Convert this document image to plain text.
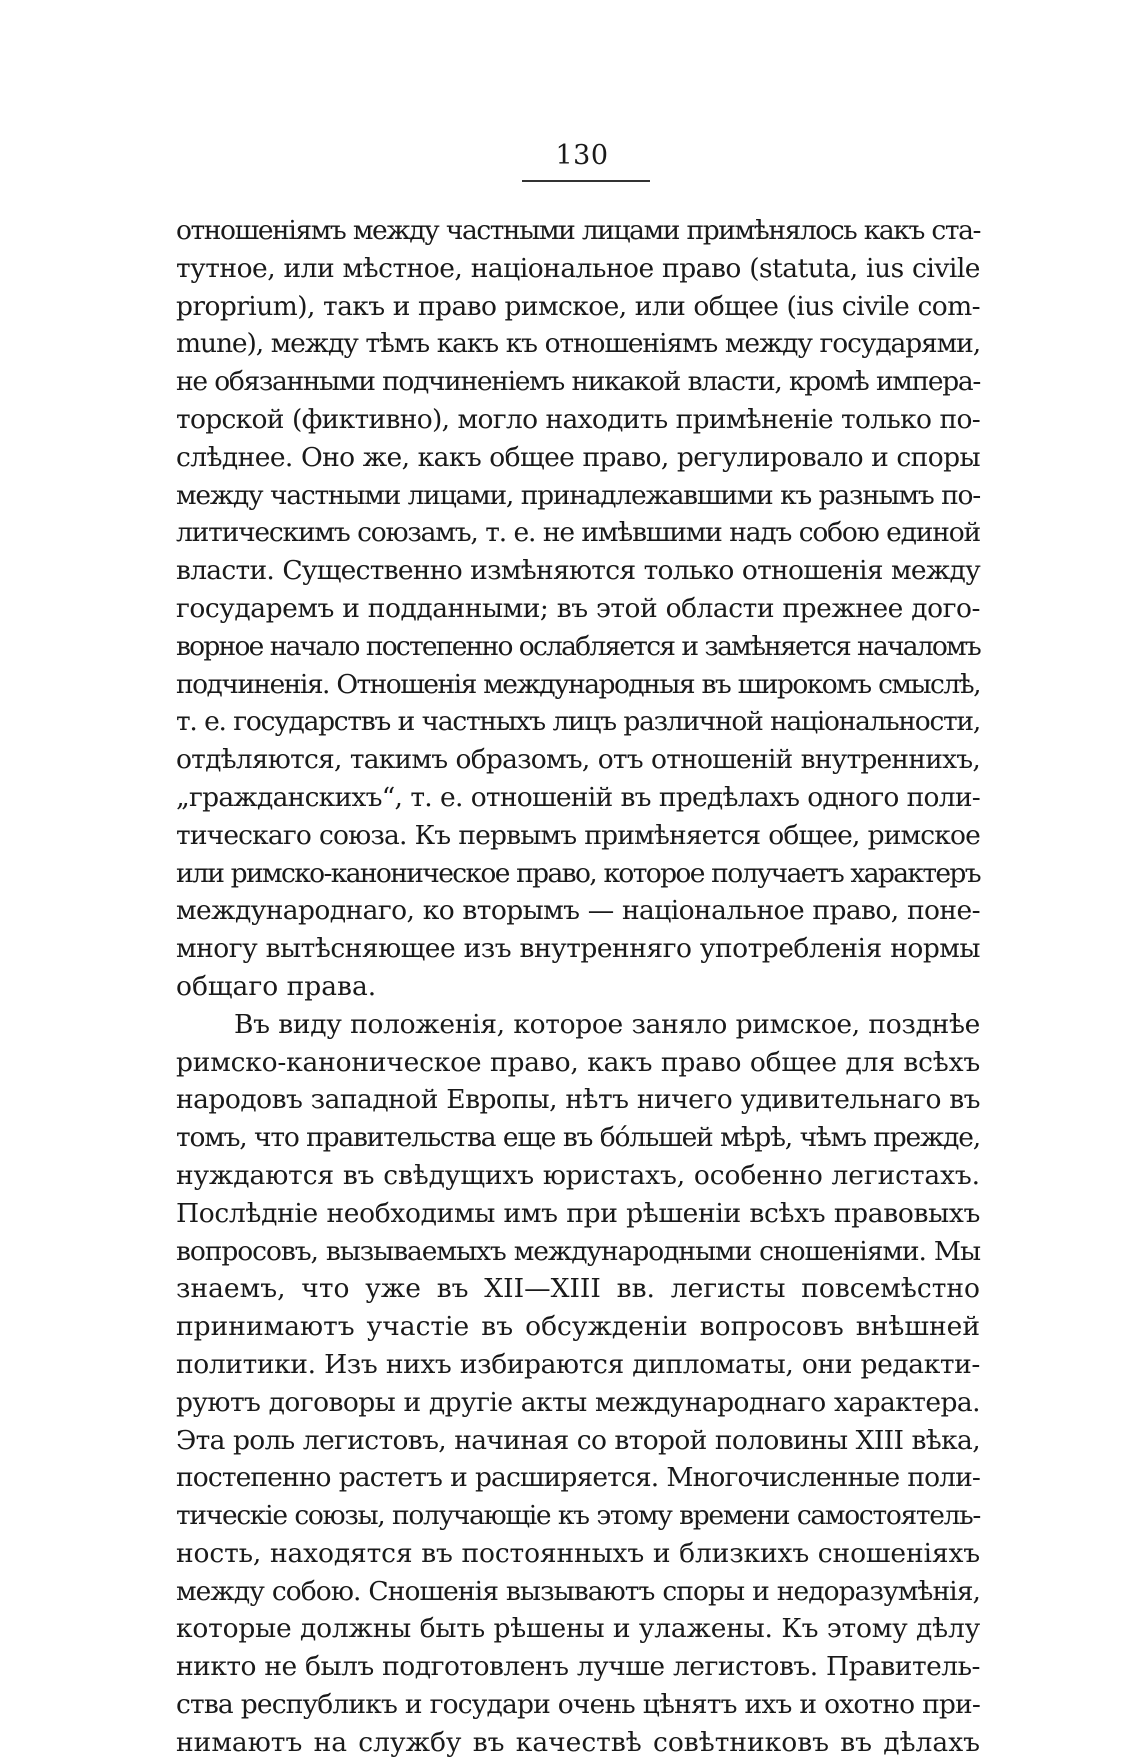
130
отношеніямъ между частными лицами примѣнялось какъ ста-
тутное, или мѣстное, національное право (statuta, ius civile
proprium), такъ и право римское, или общее (ius civile com-
mune), между тѣмъ какъ къ отношеніямъ между государями,
не обязанными подчиненіемъ никакой власти, кромѣ импера-
торской (фиктивно), могло находить примѣненіе только по-
слѣднее. Оно же, какъ общее право, регулировало и споры
между частными лицами, принадлежавшими къ разнымъ по-
литическимъ союзамъ, т. е. не имѣвшими надъ собою единой
власти. Существенно измѣняются только отношенія между
государемъ и подданными; въ этой области прежнее дого-
ворное начало постепенно ослабляется и замѣняется началомъ
подчиненія. Отношенія международныя въ широкомъ смыслѣ,
т. е. государствъ и частныхъ лицъ различной національности,
отдѣляются, такимъ образомъ, отъ отношеній внутреннихъ,
„гражданскихъ“, т. е. отношеній въ предѣлахъ одного поли-
тическаго союза. Къ первымъ примѣняется общее, римское
или римско-каноническое право, которое получаетъ характеръ
международнаго, ко вторымъ — національное право, поне-
многу вытѣсняющее изъ внутренняго употребленія нормы
общаго права.
Въ виду положенія, которое заняло римское, позднѣе
римско-каноническое право, какъ право общее для всѣхъ
народовъ западной Европы, нѣтъ ничего удивительнаго въ
томъ, что правительства еще въ бóльшей мѣрѣ, чѣмъ прежде,
нуждаются въ свѣдущихъ юристахъ, особенно легистахъ.
Послѣдніе необходимы имъ при рѣшеніи всѣхъ правовыхъ
вопросовъ, вызываемыхъ международными сношеніями. Мы
знаемъ, что уже въ XII—XIII вв. легисты повсемѣстно
принимаютъ участіе въ обсужденіи вопросовъ внѣшней
политики. Изъ нихъ избираются дипломаты, они редакти-
руютъ договоры и другіе акты международнаго характера.
Эта роль легистовъ, начиная со второй половины XIII вѣка,
постепенно растетъ и расширяется. Многочисленные поли-
тическіе союзы, получающіе къ этому времени самостоятель-
ность, находятся въ постоянныхъ и близкихъ сношеніяхъ
между собою. Сношенія вызываютъ споры и недоразумѣнія,
которые должны быть рѣшены и улажены. Къ этому дѣлу
никто не былъ подготовленъ лучше легистовъ. Правитель-
ства республикъ и государи очень цѣнятъ ихъ и охотно при-
нимаютъ на службу въ качествѣ совѣтниковъ въ дѣлахъ
